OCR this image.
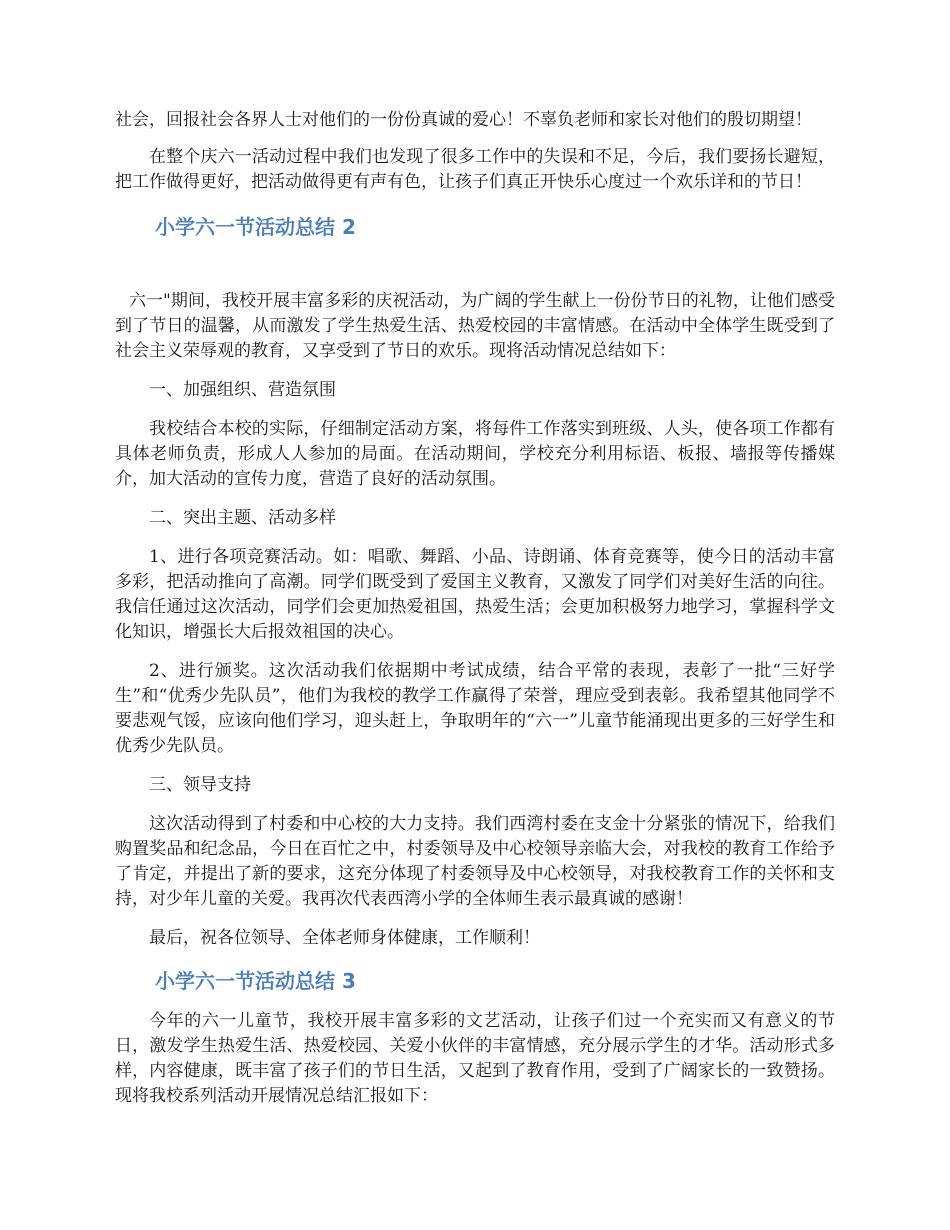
社会，回报社会各界人士对他们的一份份真诚的爱心！不辜负老师和家长对他们的殷切期望！

在整个庆六一活动过程中我们也发现了很多工作中的失误和不足，今后，我们要扬长避短，把工作做得更好，把活动做得更有声有色，让孩子们真正开快乐心度过一个欢乐详和的节日！

小学六一节活动总结 2

六一"期间，我校开展丰富多彩的庆祝活动，为广阔的学生献上一份份节日的礼物，让他们感受到了节日的温馨，从而激发了学生热爱生活、热爱校园的丰富情感。在活动中全体学生既受到了社会主义荣辱观的教育，又享受到了节日的欢乐。现将活动情况总结如下：

一、加强组织、营造氛围

我校结合本校的实际，仔细制定活动方案，将每件工作落实到班级、人头，使各项工作都有具体老师负责，形成人人参加的局面。在活动期间，学校充分利用标语、板报、墙报等传播媒介，加大活动的宣传力度，营造了良好的活动氛围。

二、突出主题、活动多样

1、进行各项竞赛活动。如：唱歌、舞蹈、小品、诗朗诵、体育竞赛等，使今日的活动丰富多彩，把活动推向了高潮。同学们既受到了爱国主义教育，又激发了同学们对美好生活的向往。我信任通过这次活动，同学们会更加热爱祖国，热爱生活；会更加积极努力地学习，掌握科学文化知识，增强长大后报效祖国的决心。

2、进行颁奖。这次活动我们依据期中考试成绩，结合平常的表现，表彰了一批“三好学生”和“优秀少先队员”，他们为我校的教学工作赢得了荣誉，理应受到表彰。我希望其他同学不要悲观气馁，应该向他们学习，迎头赶上，争取明年的“六一”儿童节能涌现出更多的三好学生和优秀少先队员。

三、领导支持

这次活动得到了村委和中心校的大力支持。我们西湾村委在支金十分紧张的情况下，给我们购置奖品和纪念品，今日在百忙之中，村委领导及中心校领导亲临大会，对我校的教育工作给予了肯定，并提出了新的要求，这充分体现了村委领导及中心校领导，对我校教育工作的关怀和支持，对少年儿童的关爱。我再次代表西湾小学的全体师生表示最真诚的感谢！

最后，祝各位领导、全体老师身体健康，工作顺利！

小学六一节活动总结 3

今年的六一儿童节，我校开展丰富多彩的文艺活动，让孩子们过一个充实而又有意义的节日，激发学生热爱生活、热爱校园、关爱小伙伴的丰富情感，充分展示学生的才华。活动形式多样，内容健康，既丰富了孩子们的节日生活，又起到了教育作用，受到了广阔家长的一致赞扬。现将我校系列活动开展情况总结汇报如下：
